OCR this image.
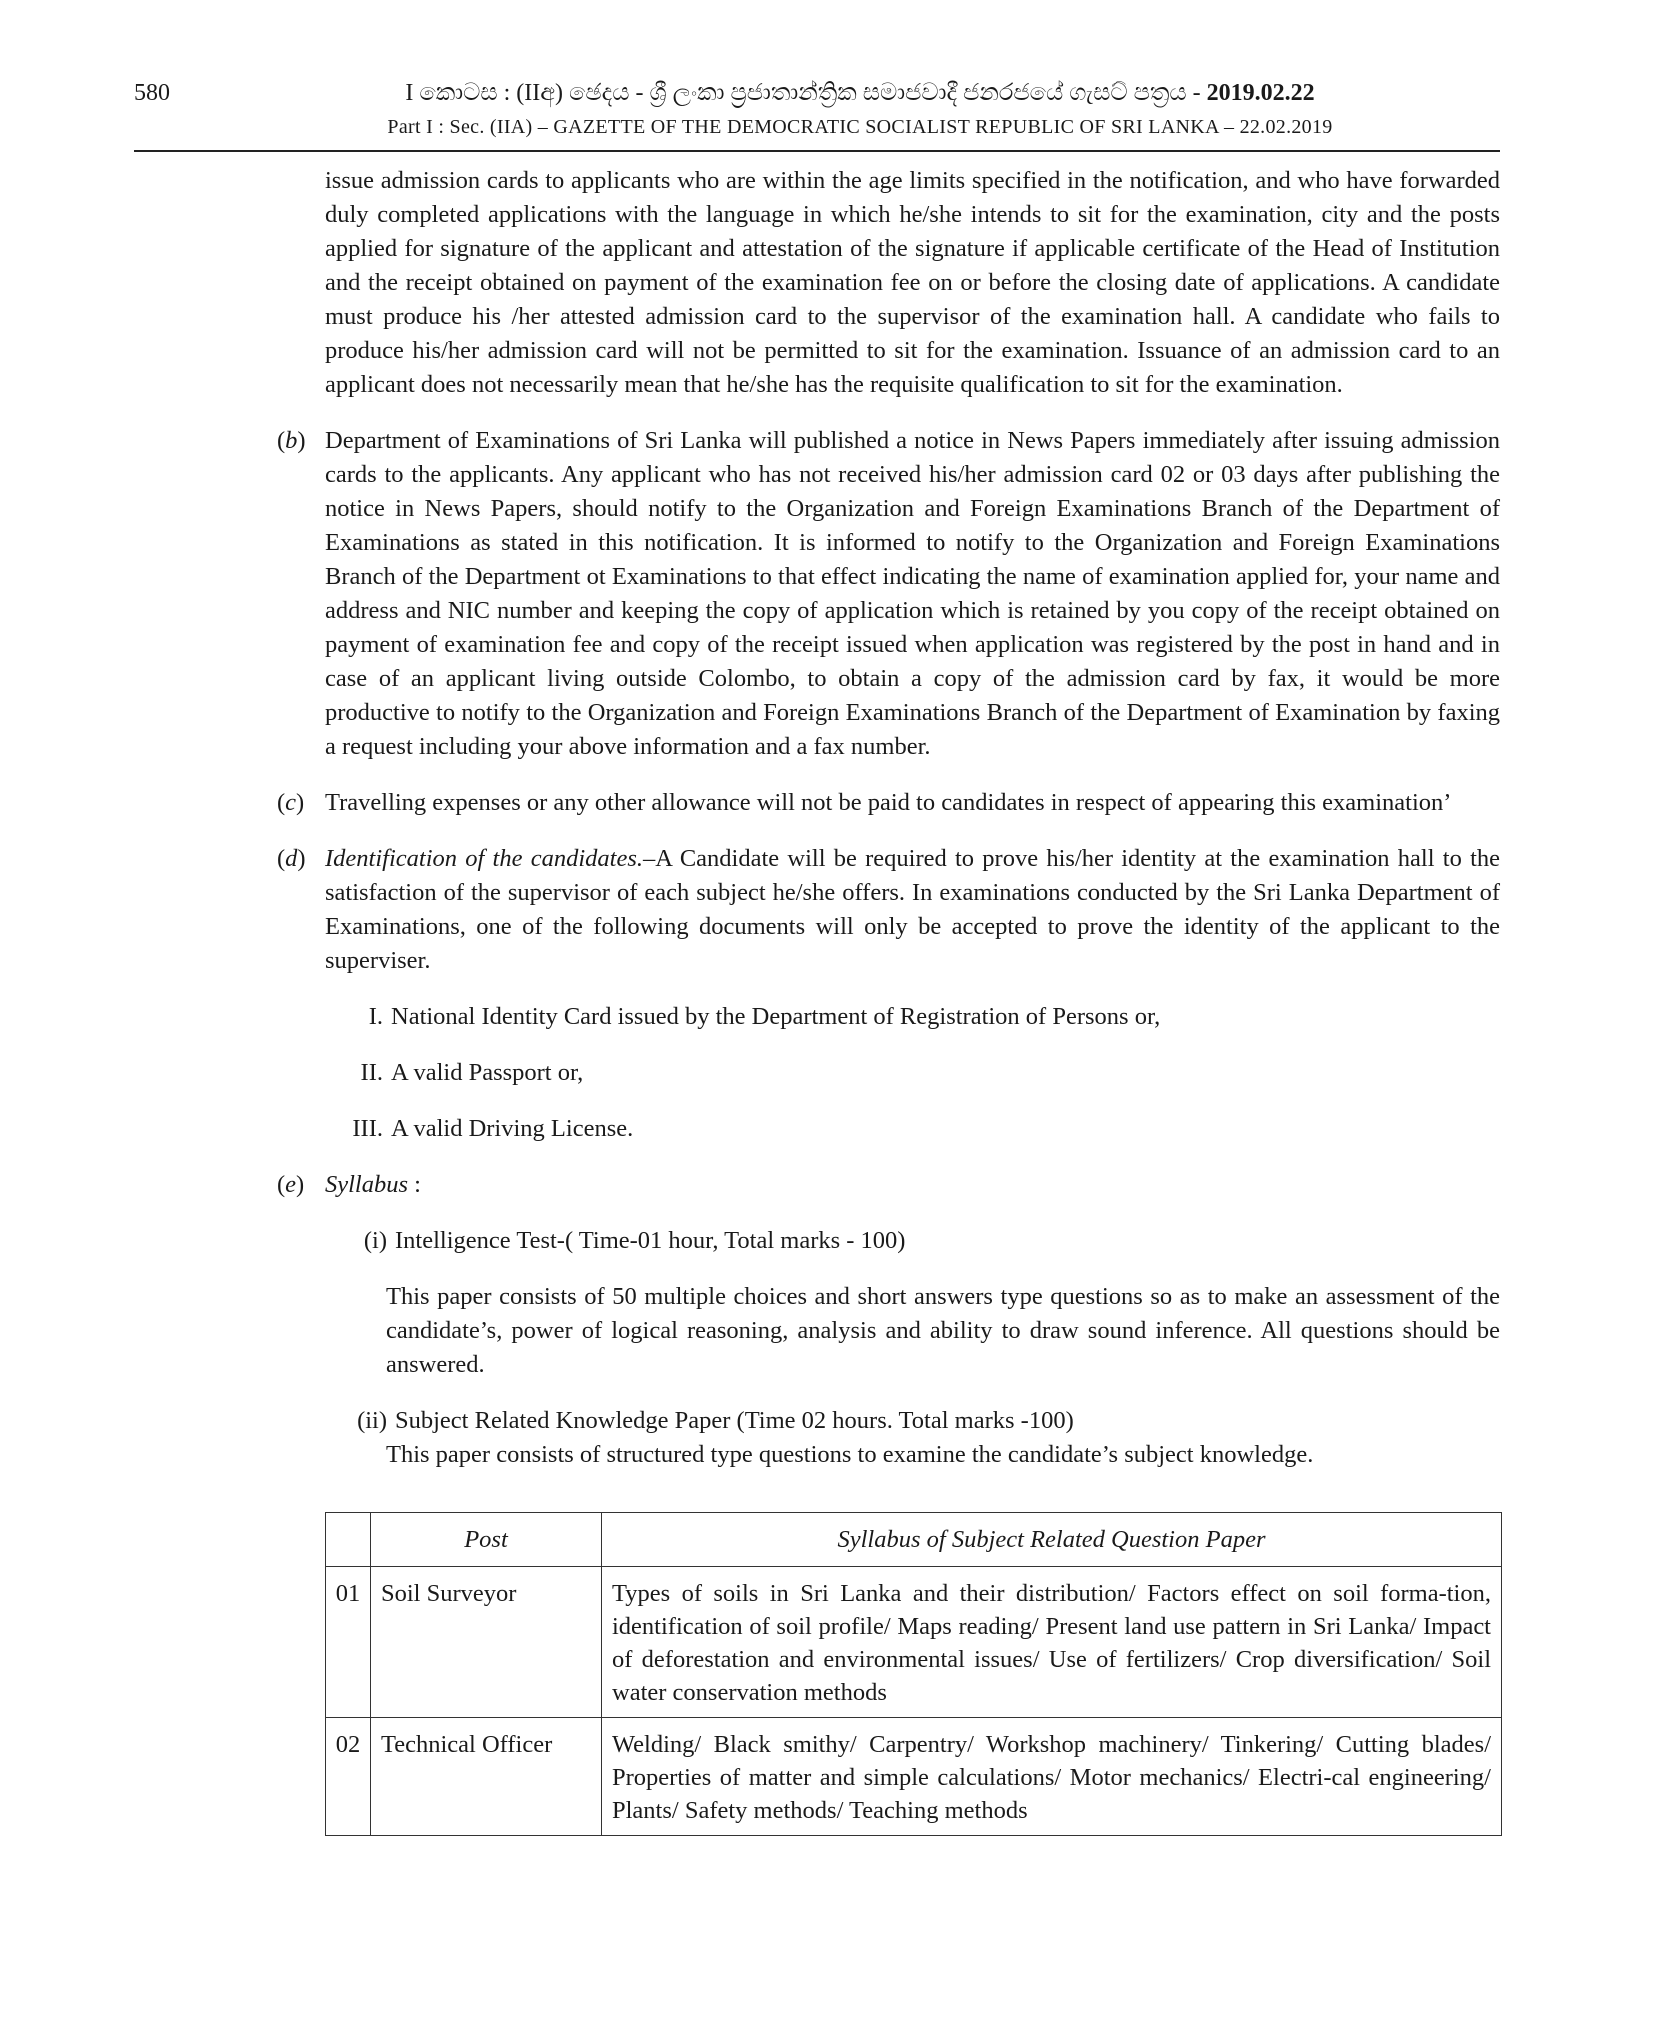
580	I කොටස : (IIඅ) ඡෙදය - ශ්‍රී ලංකා ප්‍රජාතාන්ත්‍රික සමාජවාදී ජනරජයේ ගැසට් පත්‍රය - 2019.02.22
Part I : Sec. (IIA) – GAZETTE OF THE DEMOCRATIC SOCIALIST REPUBLIC OF SRI LANKA – 22.02.2019
issue admission cards to applicants who are within the age limits specified in the notification, and who have forwarded duly completed applications with the language in which he/she intends to sit for the examination, city and the posts applied for signature of the applicant and attestation of the signature if applicable certificate of the Head of Institution and the receipt obtained on payment of the examination fee on or before the closing date of applications. A candidate must produce his /her attested admission card to the supervisor of the examination hall. A candidate who fails to produce his/her admission card will not be permitted to sit for the examination. Issuance of an admission card to an applicant does not necessarily mean that he/she has the requisite qualification to sit for the examination.
(b) Department of Examinations of Sri Lanka will published a notice in News Papers immediately after issuing admission cards to the applicants. Any applicant who has not received his/her admission card 02 or 03 days after publishing the notice in News Papers, should notify to the Organization and Foreign Examinations Branch of the Department of Examinations as stated in this notification. It is informed to notify to the Organization and Foreign Examinations Branch of the Department ot Examinations to that effect indicating the name of examination applied for, your name and address and NIC number and keeping the copy of application which is retained by you copy of the receipt obtained on payment of examination fee and copy of the receipt issued when application was registered by the post in hand and in case of an applicant living outside Colombo, to obtain a copy of the admission card by fax, it would be more productive to notify to the Organization and Foreign Examinations Branch of the Department of Examination by faxing a request including your above information and a fax number.
(c) Travelling expenses or any other allowance will not be paid to candidates in respect of appearing this examination’
(d) Identification of the candidates.–A Candidate will be required to prove his/her identity at the examination hall to the satisfaction of the supervisor of each subject he/she offers. In examinations conducted by the Sri Lanka Department of Examinations, one of the following documents will only be accepted to prove the identity of the applicant to the superviser.
I. National Identity Card issued by the Department of Registration of Persons or,
II. A valid Passport or,
III. A valid Driving License.
(e) Syllabus :
(i) Intelligence Test-( Time-01 hour, Total marks - 100)
This paper consists of 50 multiple choices and short answers type questions so as to make an assessment of the candidate’s, power of logical reasoning, analysis and ability to draw sound inference. All questions should be answered.
(ii) Subject Related Knowledge Paper (Time 02 hours. Total marks -100)
This paper consists of structured type questions to examine the candidate’s subject knowledge.
	Post	Syllabus of Subject Related Question Paper
01	Soil Surveyor	Types of soils in Sri Lanka and their distribution/ Factors effect on soil forma-tion, identification of soil profile/ Maps reading/ Present land use pattern in Sri Lanka/ Impact of deforestation and environmental issues/ Use of fertilizers/ Crop diversification/ Soil water conservation methods
02	Technical Officer	Welding/ Black smithy/ Carpentry/ Workshop machinery/ Tinkering/ Cutting blades/ Properties of matter and simple calculations/ Motor mechanics/ Electri-cal engineering/ Plants/ Safety methods/ Teaching methods
